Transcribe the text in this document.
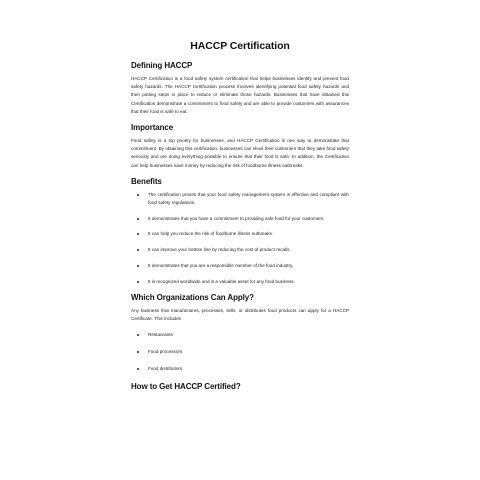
HACCP Certification
Defining HACCP

HACCP Certification is a food safety system certification that helps businesses identify and prevent food safety hazards. The HACCP Certification process involves identifying potential food safety hazards and then putting steps in place to reduce or eliminate those hazards. Businesses that have obtained this Certification demonstrate a commitment to food safety and are able to provide customers with assurances that their food is safe to eat.

Importance

Food safety is a top priority for businesses, and HACCP Certification is one way to demonstrate that commitment. By obtaining this certification, businesses can show their customers that they take food safety seriously and are doing everything possible to ensure that their food is safe. In addition, the Certification can help businesses save money by reducing the risk of foodborne illness outbreaks.

Benefits
The certification proves that your food safety management system is effective and compliant with food safety regulations.
It demonstrates that you have a commitment to providing safe food for your customers.
It can help you reduce the risk of foodborne illness outbreaks.
It can improve your bottom line by reducing the cost of product recalls.
It demonstrates that you are a responsible member of the food industry.
It is recognized worldwide and is a valuable asset for any food business.
Which Organizations Can Apply?

Any business that manufactures, processes, sells, or distributes food products can apply for a HACCP Certificate. This includes

Restaurants
Food processors
Food distributors.
How to Get HACCP Certified?
